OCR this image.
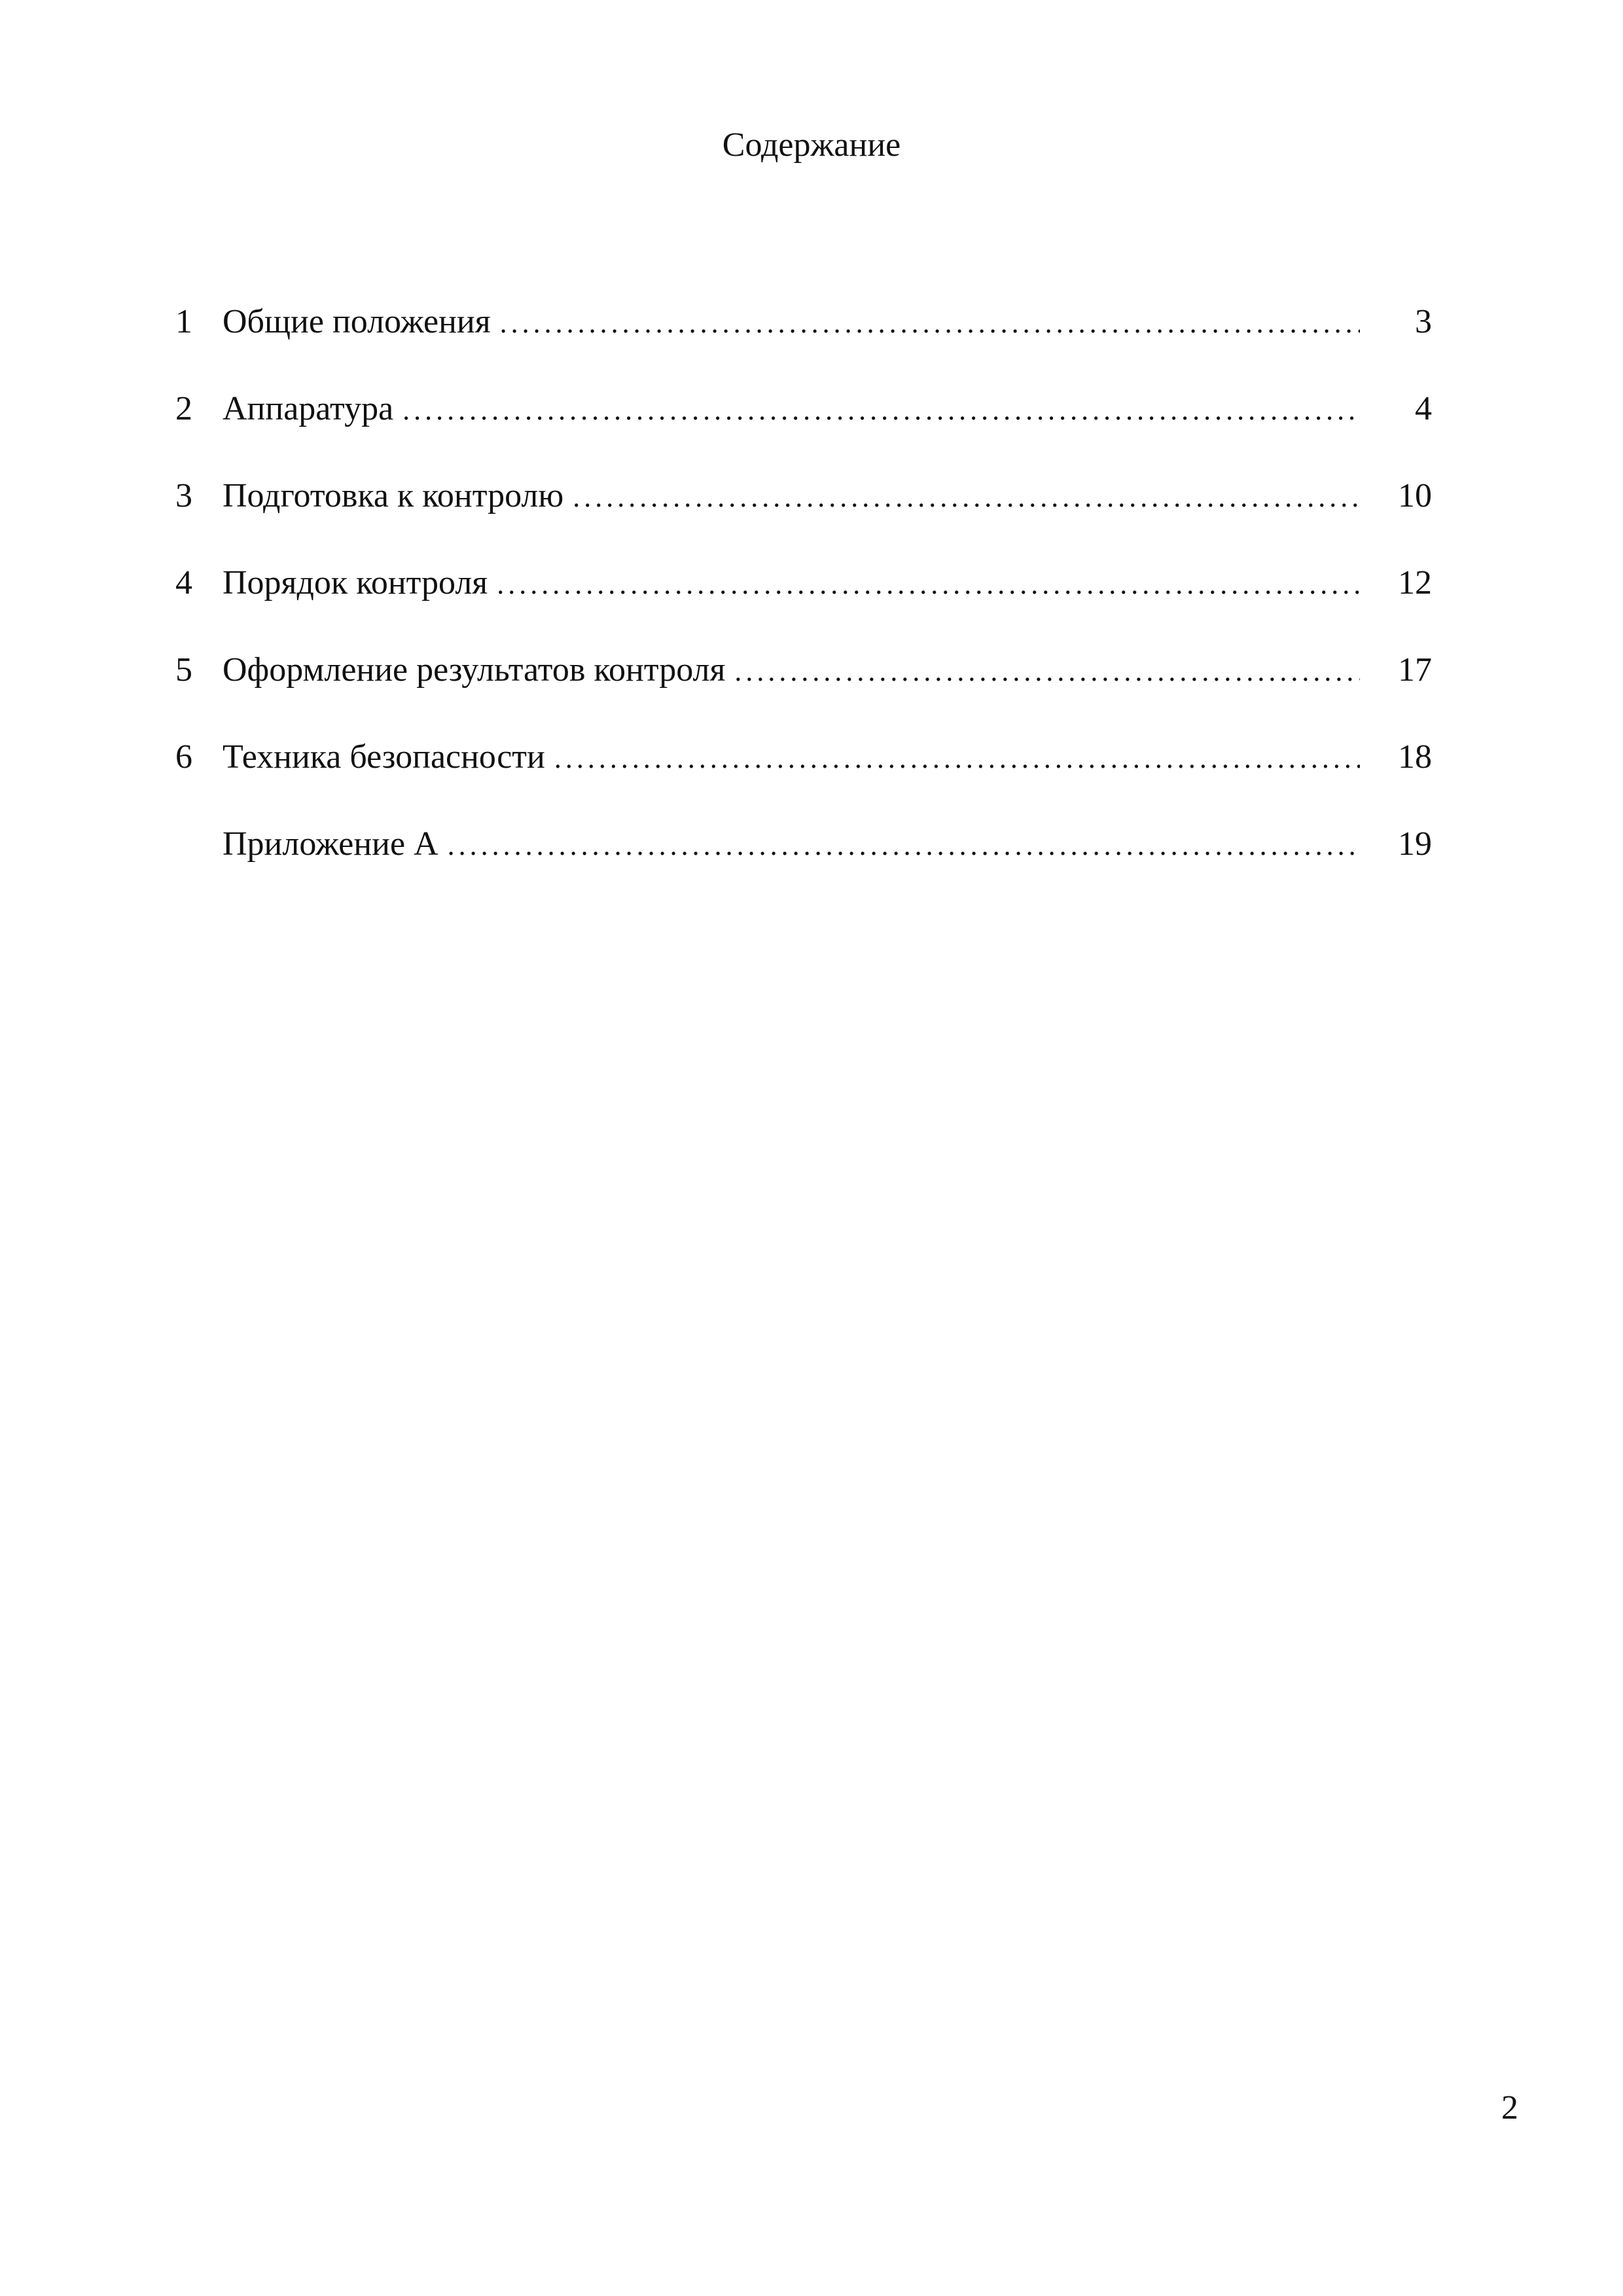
Содержание
1 Общие положения .....	3
2 Аппаратура .....	4
3 Подготовка к контролю .....	10
4 Порядок контроля .....	12
5 Оформление результатов контроля .....	17
6 Техника безопасности .....	18
Приложение А .....	19
2
